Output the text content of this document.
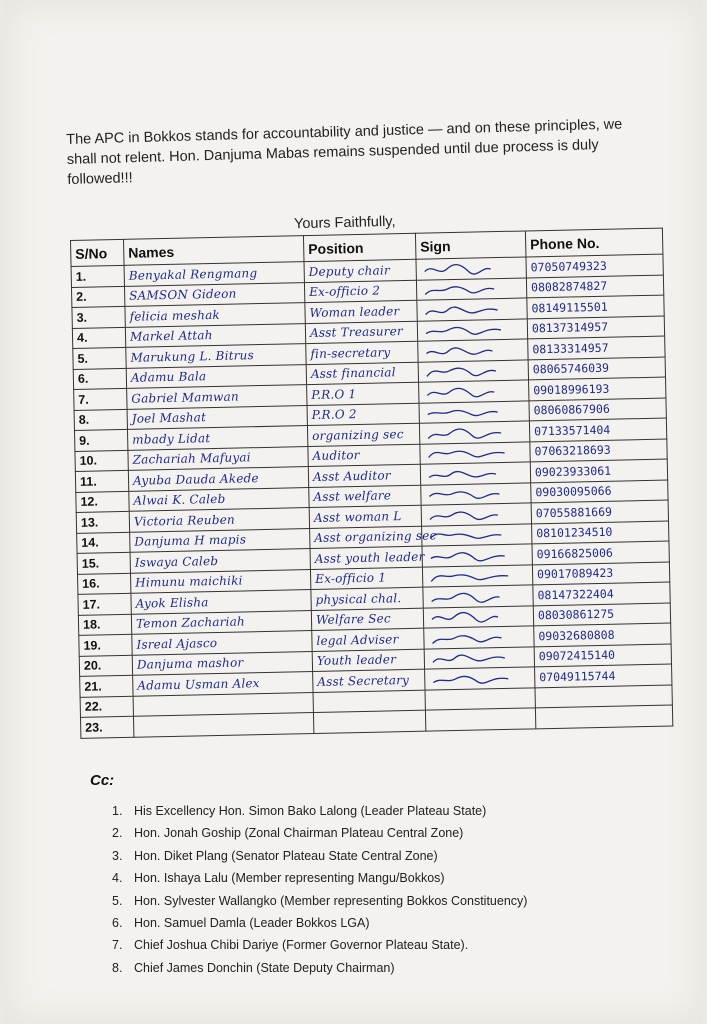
The APC in Bokkos stands for accountability and justice — and on these principles, we shall not relent. Hon. Danjuma Mabas remains suspended until due process is duly followed!!!
Yours Faithfully,
S/No	Names	Position	Sign	Phone No.
1.	Benyakal Rengmang	Deputy chair		07050749323
2.	SAMSON Gideon	Ex-officio 2		08082874827
3.	felicia meshak	Woman leader		08149115501
4.	Markel Attah	Asst Treasurer		08137314957
5.	Marukung L. Bitrus	fin-secretary		08133314957
6.	Adamu Bala	Asst financial		08065746039
7.	Gabriel Mamwan	P.R.O 1		09018996193
8.	Joel Mashat	P.R.O 2		08060867906
9.	mbady Lidat	organizing sec		07133571404
10.	Zachariah Mafuyai	Auditor		07063218693
11.	Ayuba Dauda Akede	Asst Auditor		09023933061
12.	Alwai K. Caleb	Asst welfare		09030095066
13.	Victoria Reuben	Asst woman L		07055881669
14.	Danjuma H mapis	Asst organizing sec		08101234510
15.	Iswaya Caleb	Asst youth leader		09166825006
16.	Himunu maichiki	Ex-officio 1		09017089423
17.	Ayok Elisha	physical chal.		08147322404
18.	Temon Zachariah	Welfare Sec		08030861275
19.	Isreal Ajasco	legal Adviser		09032680808
20.	Danjuma mashor	Youth leader		09072415140
21.	Adamu Usman Alex	Asst Secretary		07049115744
22.				
23.				
Cc:
1. His Excellency Hon. Simon Bako Lalong (Leader Plateau State)
2. Hon. Jonah Goship (Zonal Chairman Plateau Central Zone)
3. Hon. Diket Plang (Senator Plateau State Central Zone)
4. Hon. Ishaya Lalu (Member representing Mangu/Bokkos)
5. Hon. Sylvester Wallangko (Member representing Bokkos Constituency)
6. Hon. Samuel Damla (Leader Bokkos LGA)
7. Chief Joshua Chibi Dariye (Former Governor Plateau State).
8. Chief James Donchin (State Deputy Chairman)
